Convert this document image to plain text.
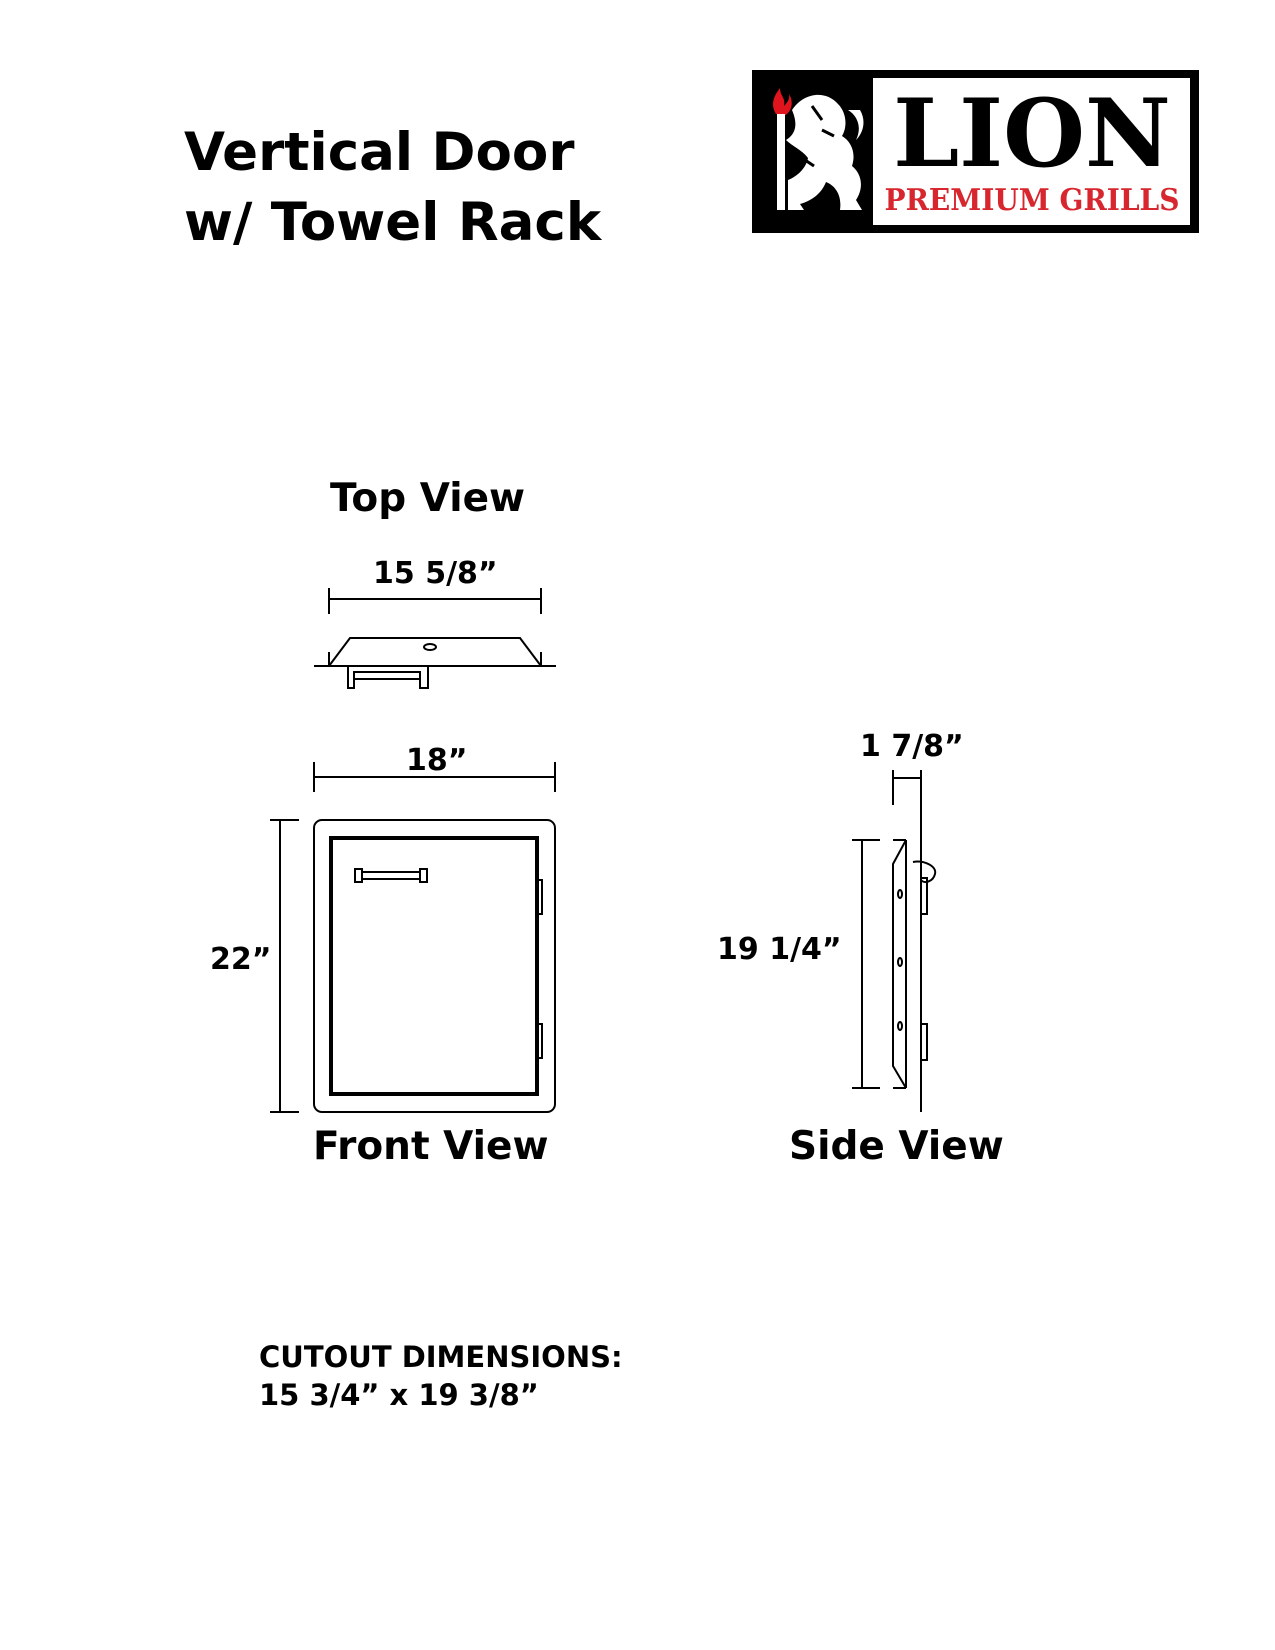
Vertical Door
w/ Towel Rack
LION
PREMIUM GRILLS
Top View
15 5/8”
18”
22”
Front View
1 7/8”
19 1/4”
Side View
CUTOUT DIMENSIONS:
15 3/4” x 19 3/8”
